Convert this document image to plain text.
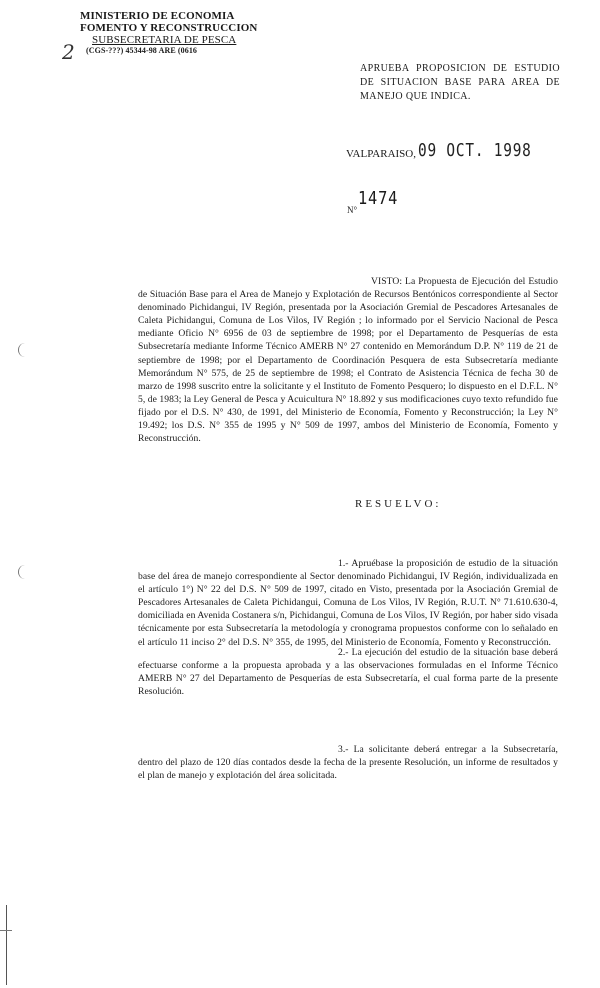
MINISTERIO DE ECONOMIA
FOMENTO Y RECONSTRUCCION
SUBSECRETARIA DE PESCA
(CGS-???) 45344-98 ARE (0616
2
APRUEBA PROPOSICION DE ESTUDIO DE SITUACION BASE PARA AREA DE MANEJO QUE INDICA.
VALPARAISO, 09 OCT. 1998
N°
1474
VISTO: La Propuesta de Ejecución del Estudio de Situación Base para el Area de Manejo y Explotación de Recursos Bentónicos correspondiente al Sector denominado Pichidangui, IV Región, presentada por la Asociación Gremial de Pescadores Artesanales de Caleta Pichidangui, Comuna de Los Vilos, IV Región ; lo informado por el Servicio Nacional de Pesca mediante Oficio N° 6956 de 03 de septiembre de 1998; por el Departamento de Pesquerías de esta Subsecretaría mediante Informe Técnico AMERB N° 27 contenido en Memorándum D.P. N° 119 de 21 de septiembre de 1998; por el Departamento de Coordinación Pesquera de esta Subsecretaría mediante Memorándum N° 575, de 25 de septiembre de 1998; el Contrato de Asistencia Técnica de fecha 30 de marzo de 1998 suscrito entre la solicitante y el Instituto de Fomento Pesquero; lo dispuesto en el D.F.L. N° 5, de 1983; la Ley General de Pesca y Acuicultura N° 18.892 y sus modificaciones cuyo texto refundido fue fijado por el D.S. N° 430, de 1991, del Ministerio de Economía, Fomento y Reconstrucción; la Ley N° 19.492; los D.S. N° 355 de 1995 y N° 509 de 1997, ambos del Ministerio de Economía, Fomento y Reconstrucción.
RESUELVO:
1.- Apruébase la proposición de estudio de la situación base del área de manejo correspondiente al Sector denominado Pichidangui, IV Región, individualizada en el artículo 1°) N° 22 del D.S. N° 509 de 1997, citado en Visto, presentada por la Asociación Gremial de Pescadores Artesanales de Caleta Pichidangui, Comuna de Los Vilos, IV Región, R.U.T. N° 71.610.630-4, domiciliada en Avenida Costanera s/n, Pichidangui, Comuna de Los Vilos, IV Región, por haber sido visada técnicamente por esta Subsecretaría la metodología y cronograma propuestos conforme con lo señalado en el artículo 11 inciso 2° del D.S. N° 355, de 1995, del Ministerio de Economía, Fomento y Reconstrucción.
2.- La ejecución del estudio de la situación base deberá efectuarse conforme a la propuesta aprobada y a las observaciones formuladas en el Informe Técnico AMERB N° 27 del Departamento de Pesquerías de esta Subsecretaría, el cual forma parte de la presente Resolución.
3.- La solicitante deberá entregar a la Subsecretaría, dentro del plazo de 120 días contados desde la fecha de la presente Resolución, un informe de resultados y el plan de manejo y explotación del área solicitada.
